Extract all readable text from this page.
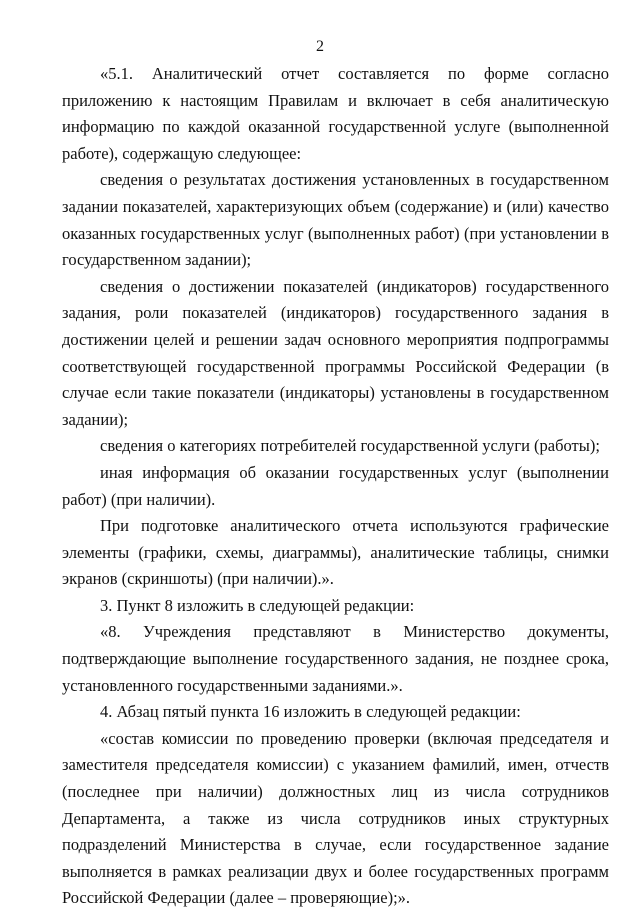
2

«5.1. Аналитический отчет составляется по форме согласно приложению к настоящим Правилам и включает в себя аналитическую информацию по каждой оказанной государственной услуге (выполненной работе), содержащую следующее:

сведения о результатах достижения установленных в государственном задании показателей, характеризующих объем (содержание) и (или) качество оказанных государственных услуг (выполненных работ) (при установлении в государственном задании);

сведения о достижении показателей (индикаторов) государственного задания, роли показателей (индикаторов) государственного задания в достижении целей и решении задач основного мероприятия подпрограммы соответствующей государственной программы Российской Федерации (в случае если такие показатели (индикаторы) установлены в государственном задании);

сведения о категориях потребителей государственной услуги (работы);

иная информация об оказании государственных услуг (выполнении работ) (при наличии).

При подготовке аналитического отчета используются графические элементы (графики, схемы, диаграммы), аналитические таблицы, снимки экранов (скриншоты) (при наличии).».

3. Пункт 8 изложить в следующей редакции:

«8. Учреждения представляют в Министерство документы, подтверждающие выполнение государственного задания, не позднее срока, установленного государственными заданиями.».

4. Абзац пятый пункта 16 изложить в следующей редакции:

«состав комиссии по проведению проверки (включая председателя и заместителя председателя комиссии) с указанием фамилий, имен, отчеств (последнее при наличии) должностных лиц из числа сотрудников Департамента, а также из числа сотрудников иных структурных подразделений Министерства в случае, если государственное задание выполняется в рамках реализации двух и более государственных программ Российской Федерации (далее – проверяющие);».
